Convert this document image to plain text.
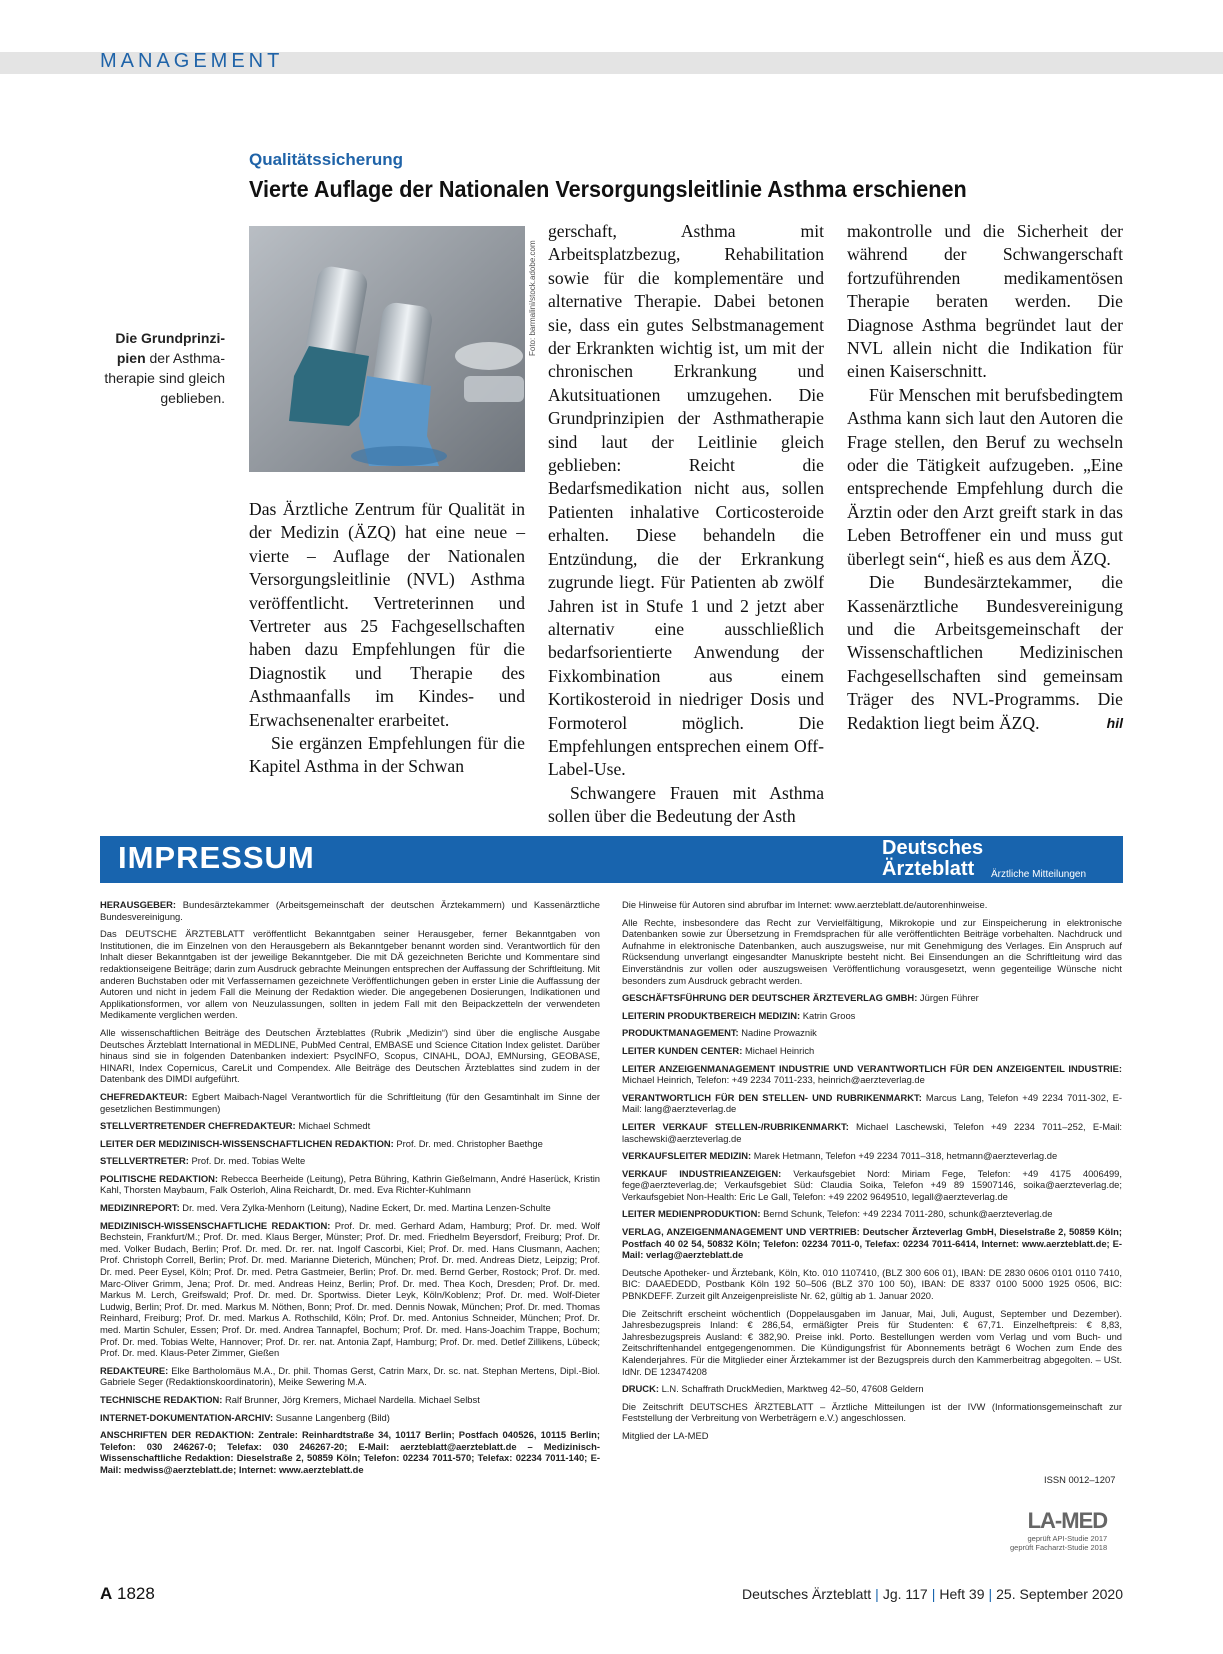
MANAGEMENT
Qualitätssicherung
Vierte Auflage der Nationalen Versorgungsleitlinie Asthma erschienen
Die Grundprinzipien der Asthmatherapie sind gleich geblieben.
Foto: barmalini/stock.adobe.com

Das Ärztliche Zentrum für Qualität in der Medizin (ÄZQ) hat eine neue – vierte – Auflage der Nationalen Versorgungsleitlinie (NVL) Asthma veröffentlicht. Vertreterinnen und Vertreter aus 25 Fachgesellschaften haben dazu Empfehlungen für die Diagnostik und Therapie des Asthmaanfalls im Kindes- und Erwachsenenalter erarbeitet.

Sie ergänzen Empfehlungen für die Kapitel Asthma in der Schwan

gerschaft, Asthma mit Arbeitsplatzbezug, Rehabilitation sowie für die komplementäre und alternative Therapie. Dabei betonen sie, dass ein gutes Selbstmanagement der Erkrankten wichtig ist, um mit der chronischen Erkrankung und Akutsituationen umzugehen. Die Grundprinzipien der Asthmatherapie sind laut der Leitlinie gleich geblieben: Reicht die Bedarfsmedikation nicht aus, sollen Patienten inhalative Corticosteroide erhalten. Diese behandeln die Entzündung, die der Erkrankung zugrunde liegt. Für Patienten ab zwölf Jahren ist in Stufe 1 und 2 jetzt aber alternativ eine ausschließlich bedarfsorientierte Anwendung der Fixkombination aus einem Kortikosteroid in niedriger Dosis und Formoterol möglich. Die Empfehlungen entsprechen einem Off-Label-Use.

Schwangere Frauen mit Asthma sollen über die Bedeutung der Asth

makontrolle und die Sicherheit der während der Schwangerschaft fortzuführenden medikamentösen Therapie beraten werden. Die Diagnose Asthma begründet laut der NVL allein nicht die Indikation für einen Kaiserschnitt.

Für Menschen mit berufsbedingtem Asthma kann sich laut den Autoren die Frage stellen, den Beruf zu wechseln oder die Tätigkeit aufzugeben. „Eine entsprechende Empfehlung durch die Ärztin oder den Arzt greift stark in das Leben Betroffener ein und muss gut überlegt sein“, hieß es aus dem ÄZQ.

Die Bundesärztekammer, die Kassenärztliche Bundesvereinigung und die Arbeitsgemeinschaft der Wissenschaftlichen Medizinischen Fachgesellschaften sind gemeinsam Träger des NVL-Programms. Die Redaktion liegt beim ÄZQ.	hil

IMPRESSUM	Deutsches
Ärzteblatt Ärztliche Mitteilungen

HERAUSGEBER: Bundesärztekammer (Arbeitsgemeinschaft der deutschen Ärztekammern) und Kassenärztliche Bundesvereinigung.

Das DEUTSCHE ÄRZTEBLATT veröffentlicht Bekanntgaben seiner Herausgeber, ferner Bekanntgaben von Institutionen, die im Einzelnen von den Herausgebern als Bekanntgeber benannt worden sind. Verantwortlich für den Inhalt dieser Bekanntgaben ist der jeweilige Bekanntgeber. Die mit DÄ gezeichneten Berichte und Kommentare sind redaktionseigene Beiträge; darin zum Ausdruck gebrachte Meinungen entsprechen der Auffassung der Schriftleitung. Mit anderen Buchstaben oder mit Verfassernamen gezeichnete Veröffentlichungen geben in erster Linie die Auffassung der Autoren und nicht in jedem Fall die Meinung der Redaktion wieder. Die angegebenen Dosierungen, Indikationen und Applikationsformen, vor allem von Neuzulassungen, sollten in jedem Fall mit den Beipackzetteln der verwendeten Medikamente verglichen werden.

Alle wissenschaftlichen Beiträge des Deutschen Ärzteblattes (Rubrik „Medizin“) sind über die englische Ausgabe Deutsches Ärzteblatt International in MEDLINE, PubMed Central, EMBASE und Science Citation Index gelistet. Darüber hinaus sind sie in folgenden Datenbanken indexiert: PsycINFO, Scopus, CINAHL, DOAJ, EMNursing, GEOBASE, HINARI, Index Copernicus, CareLit und Compendex. Alle Beiträge des Deutschen Ärzteblattes sind zudem in der Datenbank des DIMDI aufgeführt.

CHEFREDAKTEUR: Egbert Maibach-Nagel Verantwortlich für die Schriftleitung (für den Gesamtinhalt im Sinne der gesetzlichen Bestimmungen)

STELLVERTRETENDER CHEFREDAKTEUR: Michael Schmedt

LEITER DER MEDIZINISCH-WISSENSCHAFTLICHEN REDAKTION: Prof. Dr. med. Christopher Baethge

STELLVERTRETER: Prof. Dr. med. Tobias Welte

POLITISCHE REDAKTION: Rebecca Beerheide (Leitung), Petra Bühring, Kathrin Gießelmann, André Haserück, Kristin Kahl, Thorsten Maybaum, Falk Osterloh, Alina Reichardt, Dr. med. Eva Richter-Kuhlmann

MEDIZINREPORT: Dr. med. Vera Zylka-Menhorn (Leitung), Nadine Eckert, Dr. med. Martina Lenzen-Schulte

MEDIZINISCH-WISSENSCHAFTLICHE REDAKTION: Prof. Dr. med. Gerhard Adam, Hamburg; Prof. Dr. med. Wolf Bechstein, Frankfurt/M.; Prof. Dr. med. Klaus Berger, Münster; Prof. Dr. med. Friedhelm Beyersdorf, Freiburg; Prof. Dr. med. Volker Budach, Berlin; Prof. Dr. med. Dr. rer. nat. Ingolf Cascorbi, Kiel; Prof. Dr. med. Hans Clusmann, Aachen; Prof. Christoph Correll, Berlin; Prof. Dr. med. Marianne Dieterich, München; Prof. Dr. med. Andreas Dietz, Leipzig; Prof. Dr. med. Peer Eysel, Köln; Prof. Dr. med. Petra Gastmeier, Berlin; Prof. Dr. med. Bernd Gerber, Rostock; Prof. Dr. med. Marc-Oliver Grimm, Jena; Prof. Dr. med. Andreas Heinz, Berlin; Prof. Dr. med. Thea Koch, Dresden; Prof. Dr. med. Markus M. Lerch, Greifswald; Prof. Dr. med. Dr. Sportwiss. Dieter Leyk, Köln/Koblenz; Prof. Dr. med. Wolf-Dieter Ludwig, Berlin; Prof. Dr. med. Markus M. Nöthen, Bonn; Prof. Dr. med. Dennis Nowak, München; Prof. Dr. med. Thomas Reinhard, Freiburg; Prof. Dr. med. Markus A. Rothschild, Köln; Prof. Dr. med. Antonius Schneider, München; Prof. Dr. med. Martin Schuler, Essen; Prof. Dr. med. Andrea Tannapfel, Bochum; Prof. Dr. med. Hans-Joachim Trappe, Bochum; Prof. Dr. med. Tobias Welte, Hannover; Prof. Dr. rer. nat. Antonia Zapf, Hamburg; Prof. Dr. med. Detlef Zillikens, Lübeck; Prof. Dr. med. Klaus-Peter Zimmer, Gießen

REDAKTEURE: Elke Bartholomäus M.A., Dr. phil. Thomas Gerst, Catrin Marx, Dr. sc. nat. Stephan Mertens, Dipl.-Biol. Gabriele Seger (Redaktionskoordinatorin), Meike Sewering M.A.

TECHNISCHE REDAKTION: Ralf Brunner, Jörg Kremers, Michael Nardella. Michael Selbst

INTERNET-DOKUMENTATION-ARCHIV: Susanne Langenberg (Bild)

ANSCHRIFTEN DER REDAKTION: Zentrale: Reinhardtstraße 34, 10117 Berlin; Postfach 040526, 10115 Berlin; Telefon: 030 246267-0; Telefax: 030 246267-20; E-Mail: aerzteblatt@aerzteblatt.de – Medizinisch-Wissenschaftliche Redaktion: Dieselstraße 2, 50859 Köln; Telefon: 02234 7011-570; Telefax: 02234 7011-140; E-Mail: medwiss@aerzteblatt.de; Internet: www.aerzteblatt.de

Die Hinweise für Autoren sind abrufbar im Internet: www.aerzteblatt.de/autorenhinweise.

Alle Rechte, insbesondere das Recht zur Vervielfältigung, Mikrokopie und zur Einspeicherung in elektronische Datenbanken sowie zur Übersetzung in Fremdsprachen für alle veröffentlichten Beiträge vorbehalten. Nachdruck und Aufnahme in elektronische Datenbanken, auch auszugsweise, nur mit Genehmigung des Verlages. Ein Anspruch auf Rücksendung unverlangt eingesandter Manuskripte besteht nicht. Bei Einsendungen an die Schriftleitung wird das Einverständnis zur vollen oder auszugsweisen Veröffentlichung vorausgesetzt, wenn gegenteilige Wünsche nicht besonders zum Ausdruck gebracht werden.

GESCHÄFTSFÜHRUNG DER DEUTSCHER ÄRZTEVERLAG GMBH: Jürgen Führer

LEITERIN PRODUKTBEREICH MEDIZIN: Katrin Groos

PRODUKTMANAGEMENT: Nadine Prowaznik

LEITER KUNDEN CENTER: Michael Heinrich

LEITER ANZEIGENMANAGEMENT INDUSTRIE UND VERANTWORTLICH FÜR DEN ANZEIGENTEIL INDUSTRIE: Michael Heinrich, Telefon: +49 2234 7011-233, heinrich@aerzteverlag.de

VERANTWORTLICH FÜR DEN STELLEN- UND RUBRIKENMARKT: Marcus Lang, Telefon +49 2234 7011-302, E-Mail: lang@aerzteverlag.de

LEITER VERKAUF STELLEN-/RUBRIKENMARKT: Michael Laschewski, Telefon +49 2234 7011–252, E-Mail: laschewski@aerzteverlag.de

VERKAUFSLEITER MEDIZIN: Marek Hetmann, Telefon +49 2234 7011–318, hetmann@aerzteverlag.de

VERKAUF INDUSTRIEANZEIGEN: Verkaufsgebiet Nord: Miriam Fege, Telefon: +49 4175 4006499, fege@aerzteverlag.de; Verkaufsgebiet Süd: Claudia Soika, Telefon +49 89 15907146, soika@aerzteverlag.de; Verkaufsgebiet Non-Health: Eric Le Gall, Telefon: +49 2202 9649510, legall@aerzteverlag.de

LEITER MEDIENPRODUKTION: Bernd Schunk, Telefon: +49 2234 7011-280, schunk@aerzteverlag.de

VERLAG, ANZEIGENMANAGEMENT UND VERTRIEB: Deutscher Ärzteverlag GmbH, Dieselstraße 2, 50859 Köln; Postfach 40 02 54, 50832 Köln; Telefon: 02234 7011-0, Telefax: 02234 7011-6414, Internet: www.aerzteblatt.de; E-Mail: verlag@aerzteblatt.de

Deutsche Apotheker- und Ärztebank, Köln, Kto. 010 1107410, (BLZ 300 606 01), IBAN: DE 2830 0606 0101 0110 7410, BIC: DAAEDEDD, Postbank Köln 192 50–506 (BLZ 370 100 50), IBAN: DE 8337 0100 5000 1925 0506, BIC: PBNKDEFF. Zurzeit gilt Anzeigenpreisliste Nr. 62, gültig ab 1. Januar 2020.

Die Zeitschrift erscheint wöchentlich (Doppelausgaben im Januar, Mai, Juli, August, September und Dezember). Jahresbezugspreis Inland: € 286,54, ermäßigter Preis für Studenten: € 67,71. Einzelheftpreis: € 8,83, Jahresbezugspreis Ausland: € 382,90. Preise inkl. Porto. Bestellungen werden vom Verlag und vom Buch- und Zeitschriftenhandel entgegengenommen. Die Kündigungsfrist für Abonnements beträgt 6 Wochen zum Ende des Kalenderjahres. Für die Mitglieder einer Ärztekammer ist der Bezugspreis durch den Kammerbeitrag abgegolten. – USt. IdNr. DE 123474208

DRUCK: L.N. Schaffrath DruckMedien, Marktweg 42–50, 47608 Geldern

Die Zeitschrift DEUTSCHES ÄRZTEBLATT – Ärztliche Mitteilungen ist der IVW (Informationsgemeinschaft zur Feststellung der Verbreitung von Werbeträgern e.V.) angeschlossen.

Mitglied der LA-MED

ISSN 0012–1207
LA-MED
geprüft API-Studie 2017
geprüft Facharzt-Studie 2018
A 1828	Deutsches Ärzteblatt | Jg. 117 | Heft 39 | 25. September 2020
